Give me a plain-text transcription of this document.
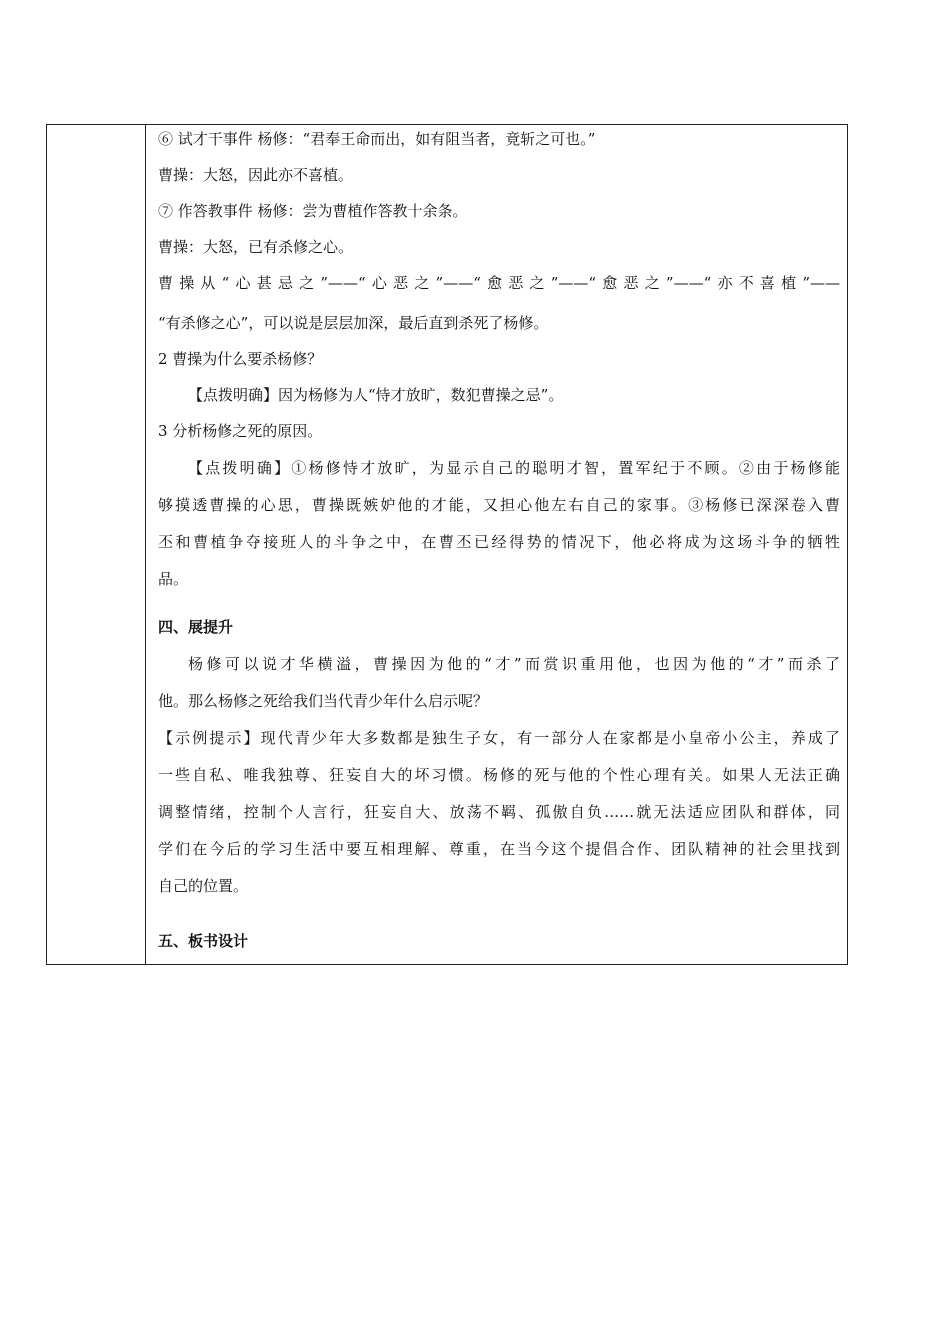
⑥ 试才干事件 杨修：“君奉王命而出，如有阻当者，竟斩之可也。”
曹操：大怒，因此亦不喜植。
⑦ 作答教事件 杨修：尝为曹植作答教十余条。
曹操：大怒，已有杀修之心。
曹操从“心甚忌之”——“心恶之”——“愈恶之”——“愈恶之”——“亦不喜植”——
“有杀修之心”，可以说是层层加深，最后直到杀死了杨修。
2 曹操为什么要杀杨修？
【点拨明确】因为杨修为人“恃才放旷，数犯曹操之忌”。
3 分析杨修之死的原因。
【点拨明确】①杨修恃才放旷，为显示自己的聪明才智，置军纪于不顾。②由于杨修能
够摸透曹操的心思，曹操既嫉妒他的才能，又担心他左右自己的家事。③杨修已深深卷入曹
丕和曹植争夺接班人的斗争之中，在曹丕已经得势的情况下，他必将成为这场斗争的牺牲
品。
四、展提升
杨修可以说才华横溢，曹操因为他的“才”而赏识重用他，也因为他的“才”而杀了
他。那么杨修之死给我们当代青少年什么启示呢？
【示例提示】现代青少年大多数都是独生子女，有一部分人在家都是小皇帝小公主，养成了
一些自私、唯我独尊、狂妄自大的坏习惯。杨修的死与他的个性心理有关。如果人无法正确
调整情绪，控制个人言行，狂妄自大、放荡不羁、孤傲自负……就无法适应团队和群体，同
学们在今后的学习生活中要互相理解、尊重，在当今这个提倡合作、团队精神的社会里找到
自己的位置。
五、板书设计
